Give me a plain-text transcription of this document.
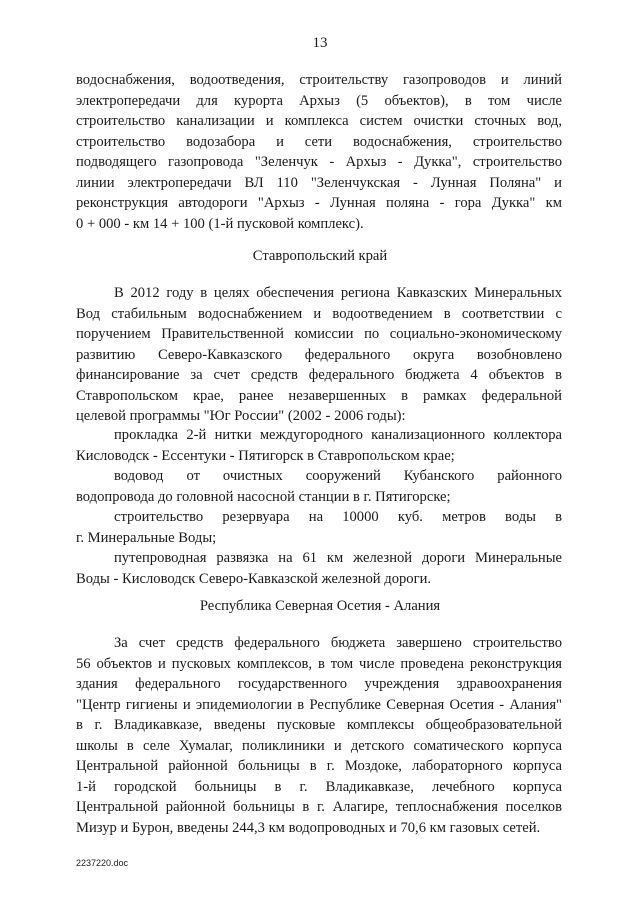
13
водоснабжения, водоотведения, строительству газопроводов и линий
электропередачи для курорта Архыз (5 объектов), в том числе
строительство канализации и комплекса систем очистки сточных вод,
строительство водозабора и сети водоснабжения, строительство
подводящего газопровода "Зеленчук - Архыз - Дукка", строительство
линии электропередачи ВЛ 110 "Зеленчукская - Лунная Поляна" и
реконструкция автодороги "Архыз - Лунная поляна - гора Дукка" км
0 + 000 - км 14 + 100 (1-й пусковой комплекс).
Ставропольский край
В 2012 году в целях обеспечения региона Кавказских Минеральных
Вод стабильным водоснабжением и водоотведением в соответствии с
поручением Правительственной комиссии по социально-экономическому
развитию Северо-Кавказского федерального округа возобновлено
финансирование за счет средств федерального бюджета 4 объектов в
Ставропольском крае, ранее незавершенных в рамках федеральной
целевой программы "Юг России" (2002 - 2006 годы):
прокладка 2-й нитки междугородного канализационного коллектора
Кисловодск - Ессентуки - Пятигорск в Ставропольском крае;
водовод от очистных сооружений Кубанского районного
водопровода до головной насосной станции в г. Пятигорске;
строительство резервуара на 10000 куб. метров воды в
г. Минеральные Воды;
путепроводная развязка на 61 км железной дороги Минеральные
Воды - Кисловодск Северо-Кавказской железной дороги.
Республика Северная Осетия - Алания
За счет средств федерального бюджета завершено строительство
56 объектов и пусковых комплексов, в том числе проведена реконструкция
здания федерального государственного учреждения здравоохранения
"Центр гигиены и эпидемиологии в Республике Северная Осетия - Алания"
в г. Владикавказе, введены пусковые комплексы общеобразовательной
школы в селе Хумалаг, поликлиники и детского соматического корпуса
Центральной районной больницы в г. Моздоке, лабораторного корпуса
1-й городской больницы в г. Владикавказе, лечебного корпуса
Центральной районной больницы в г. Алагире, теплоснабжения поселков
Мизур и Бурон, введены 244,3 км водопроводных и 70,6 км газовых сетей.
2237220.doc
